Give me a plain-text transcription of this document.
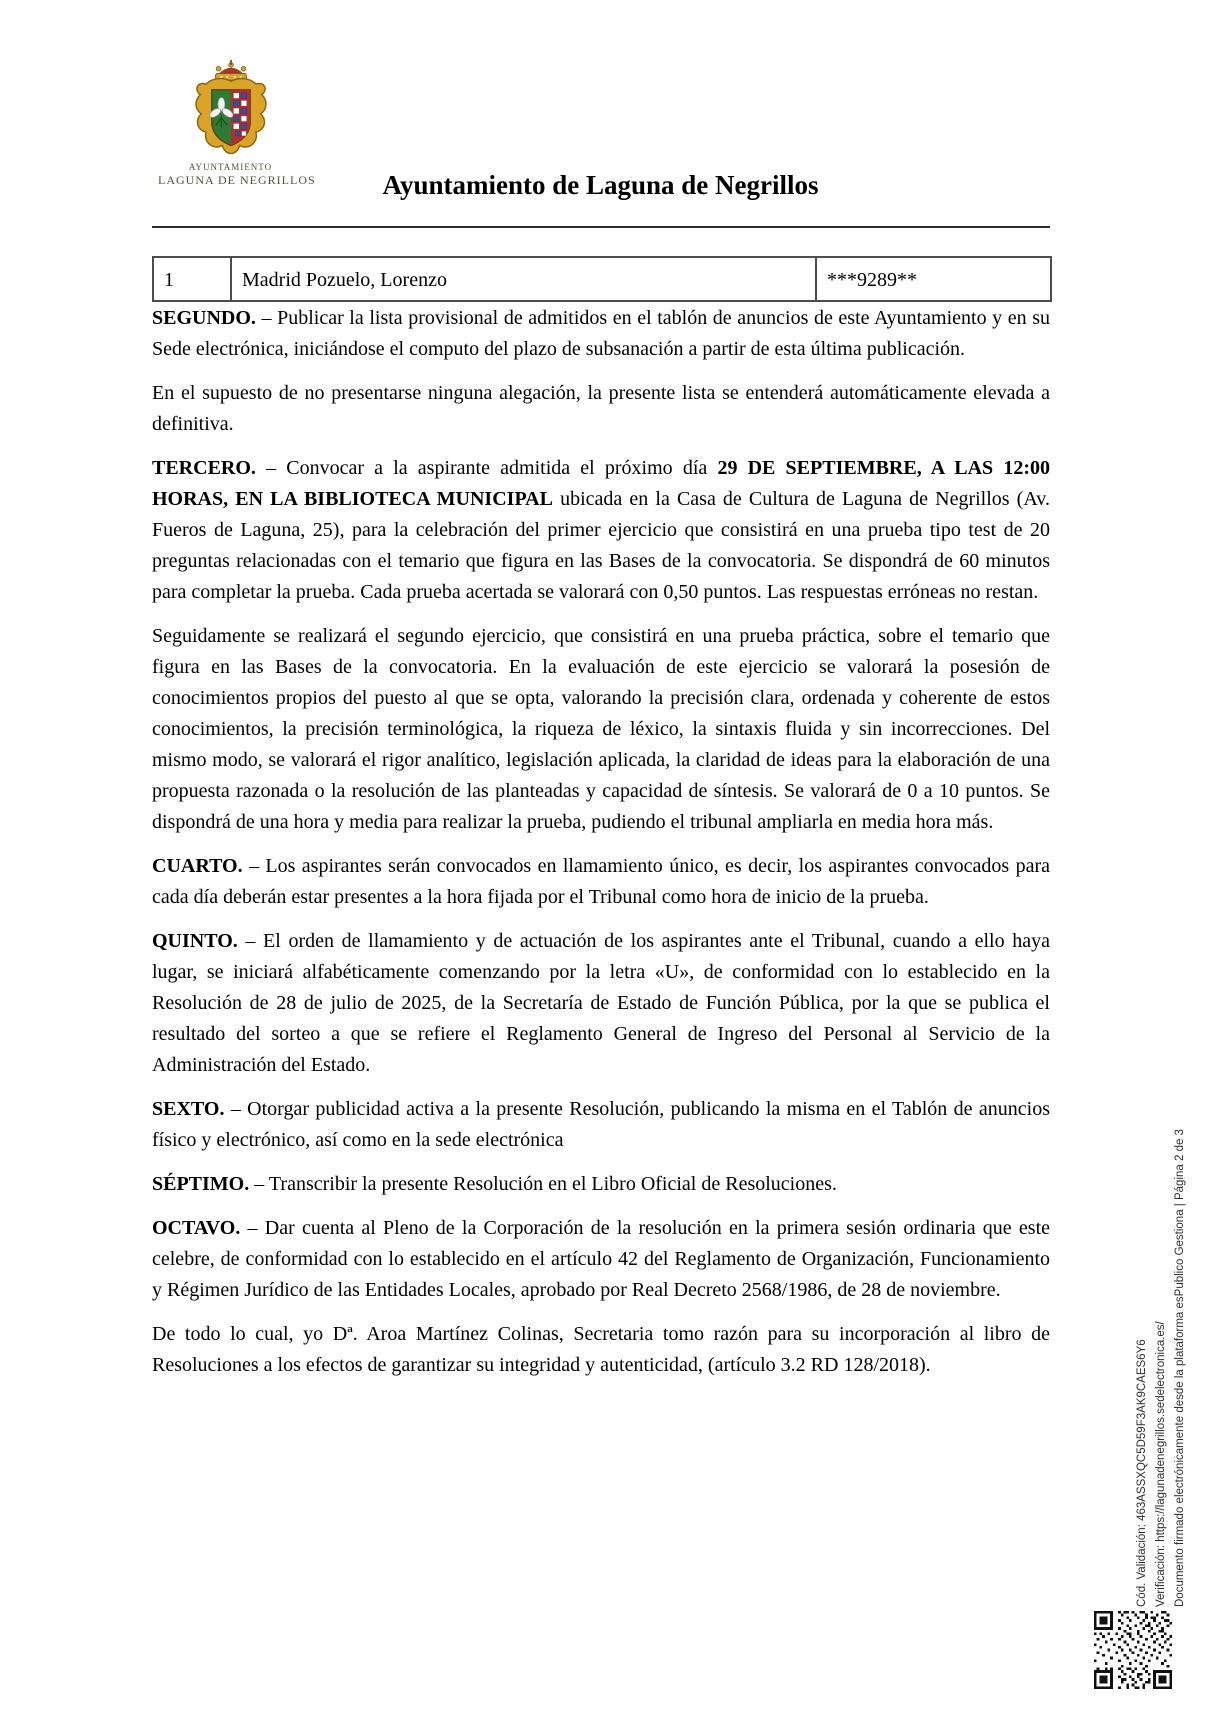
AYUNTAMIENTO
LAGUNA DE NEGRILLOS	Ayuntamiento de Laguna de Negrillos
1	Madrid Pozuelo, Lorenzo	***9289**

SEGUNDO. – Publicar la lista provisional de admitidos en el tablón de anuncios de este Ayuntamiento y en su Sede electrónica, iniciándose el computo del plazo de subsanación a partir de esta última publicación.

En el supuesto de no presentarse ninguna alegación, la presente lista se entenderá automáticamente elevada a definitiva.

TERCERO. – Convocar a la aspirante admitida el próximo día 29 DE SEPTIEMBRE, A LAS 12:00 HORAS, EN LA BIBLIOTECA MUNICIPAL ubicada en la Casa de Cultura de Laguna de Negrillos (Av. Fueros de Laguna, 25), para la celebración del primer ejercicio que consistirá en una prueba tipo test de 20 preguntas relacionadas con el temario que figura en las Bases de la convocatoria. Se dispondrá de 60 minutos para completar la prueba. Cada prueba acertada se valorará con 0,50 puntos. Las respuestas erróneas no restan.

Seguidamente se realizará el segundo ejercicio, que consistirá en una prueba práctica, sobre el temario que figura en las Bases de la convocatoria. En la evaluación de este ejercicio se valorará la posesión de conocimientos propios del puesto al que se opta, valorando la precisión clara, ordenada y coherente de estos conocimientos, la precisión terminológica, la riqueza de léxico, la sintaxis fluida y sin incorrecciones. Del mismo modo, se valorará el rigor analítico, legislación aplicada, la claridad de ideas para la elaboración de una propuesta razonada o la resolución de las planteadas y capacidad de síntesis. Se valorará de 0 a 10 puntos. Se dispondrá de una hora y media para realizar la prueba, pudiendo el tribunal ampliarla en media hora más.

CUARTO. – Los aspirantes serán convocados en llamamiento único, es decir, los aspirantes convocados para cada día deberán estar presentes a la hora fijada por el Tribunal como hora de inicio de la prueba.

QUINTO. – El orden de llamamiento y de actuación de los aspirantes ante el Tribunal, cuando a ello haya lugar, se iniciará alfabéticamente comenzando por la letra «U», de conformidad con lo establecido en la Resolución de 28 de julio de 2025, de la Secretaría de Estado de Función Pública, por la que se publica el resultado del sorteo a que se refiere el Reglamento General de Ingreso del Personal al Servicio de la Administración del Estado.

SEXTO. – Otorgar publicidad activa a la presente Resolución, publicando la misma en el Tablón de anuncios físico y electrónico, así como en la sede electrónica

SÉPTIMO. – Transcribir la presente Resolución en el Libro Oficial de Resoluciones.

OCTAVO. – Dar cuenta al Pleno de la Corporación de la resolución en la primera sesión ordinaria que este celebre, de conformidad con lo establecido en el artículo 42 del Reglamento de Organización, Funcionamiento y Régimen Jurídico de las Entidades Locales, aprobado por Real Decreto 2568/1986, de 28 de noviembre.

De todo lo cual, yo Dª. Aroa Martínez Colinas, Secretaria tomo razón para su incorporación al libro de Resoluciones a los efectos de garantizar su integridad y autenticidad, (artículo 3.2 RD 128/2018).	Cód. Validación: 463ASSXQC5D59F3AK9CAES6Y6 Verificación: https://lagunadenegrillos.sedelectronica.es/ Documento firmado electrónicamente desde la plataforma esPublico Gestiona | Página 2 de 3
